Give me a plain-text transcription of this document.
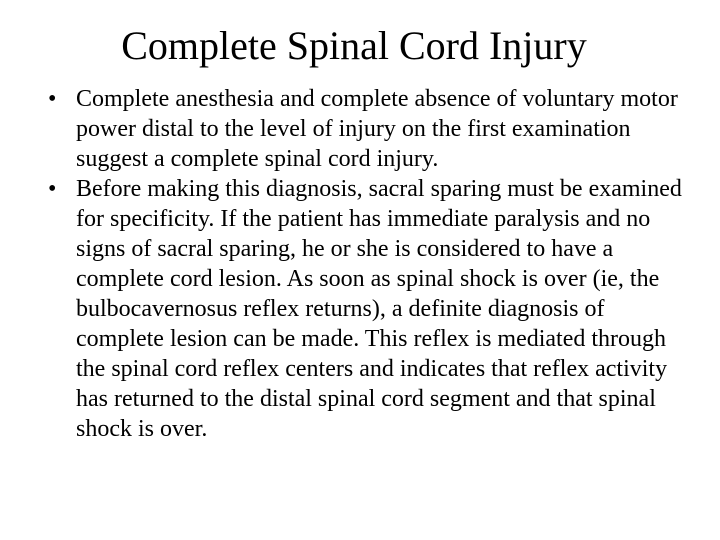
Complete Spinal Cord Injury
• Complete anesthesia and complete absence of voluntary motor power distal to the level of injury on the first examination suggest a complete spinal cord injury.
• Before making this diagnosis, sacral sparing must be examined for specificity. If the patient has immediate paralysis and no signs of sacral sparing, he or she is considered to have a complete cord lesion. As soon as spinal shock is over (ie, the bulbocavernosus reflex returns), a definite diagnosis of complete lesion can be made. This reflex is mediated through the spinal cord reflex centers and indicates that reflex activity has returned to the distal spinal cord segment and that spinal shock is over.
